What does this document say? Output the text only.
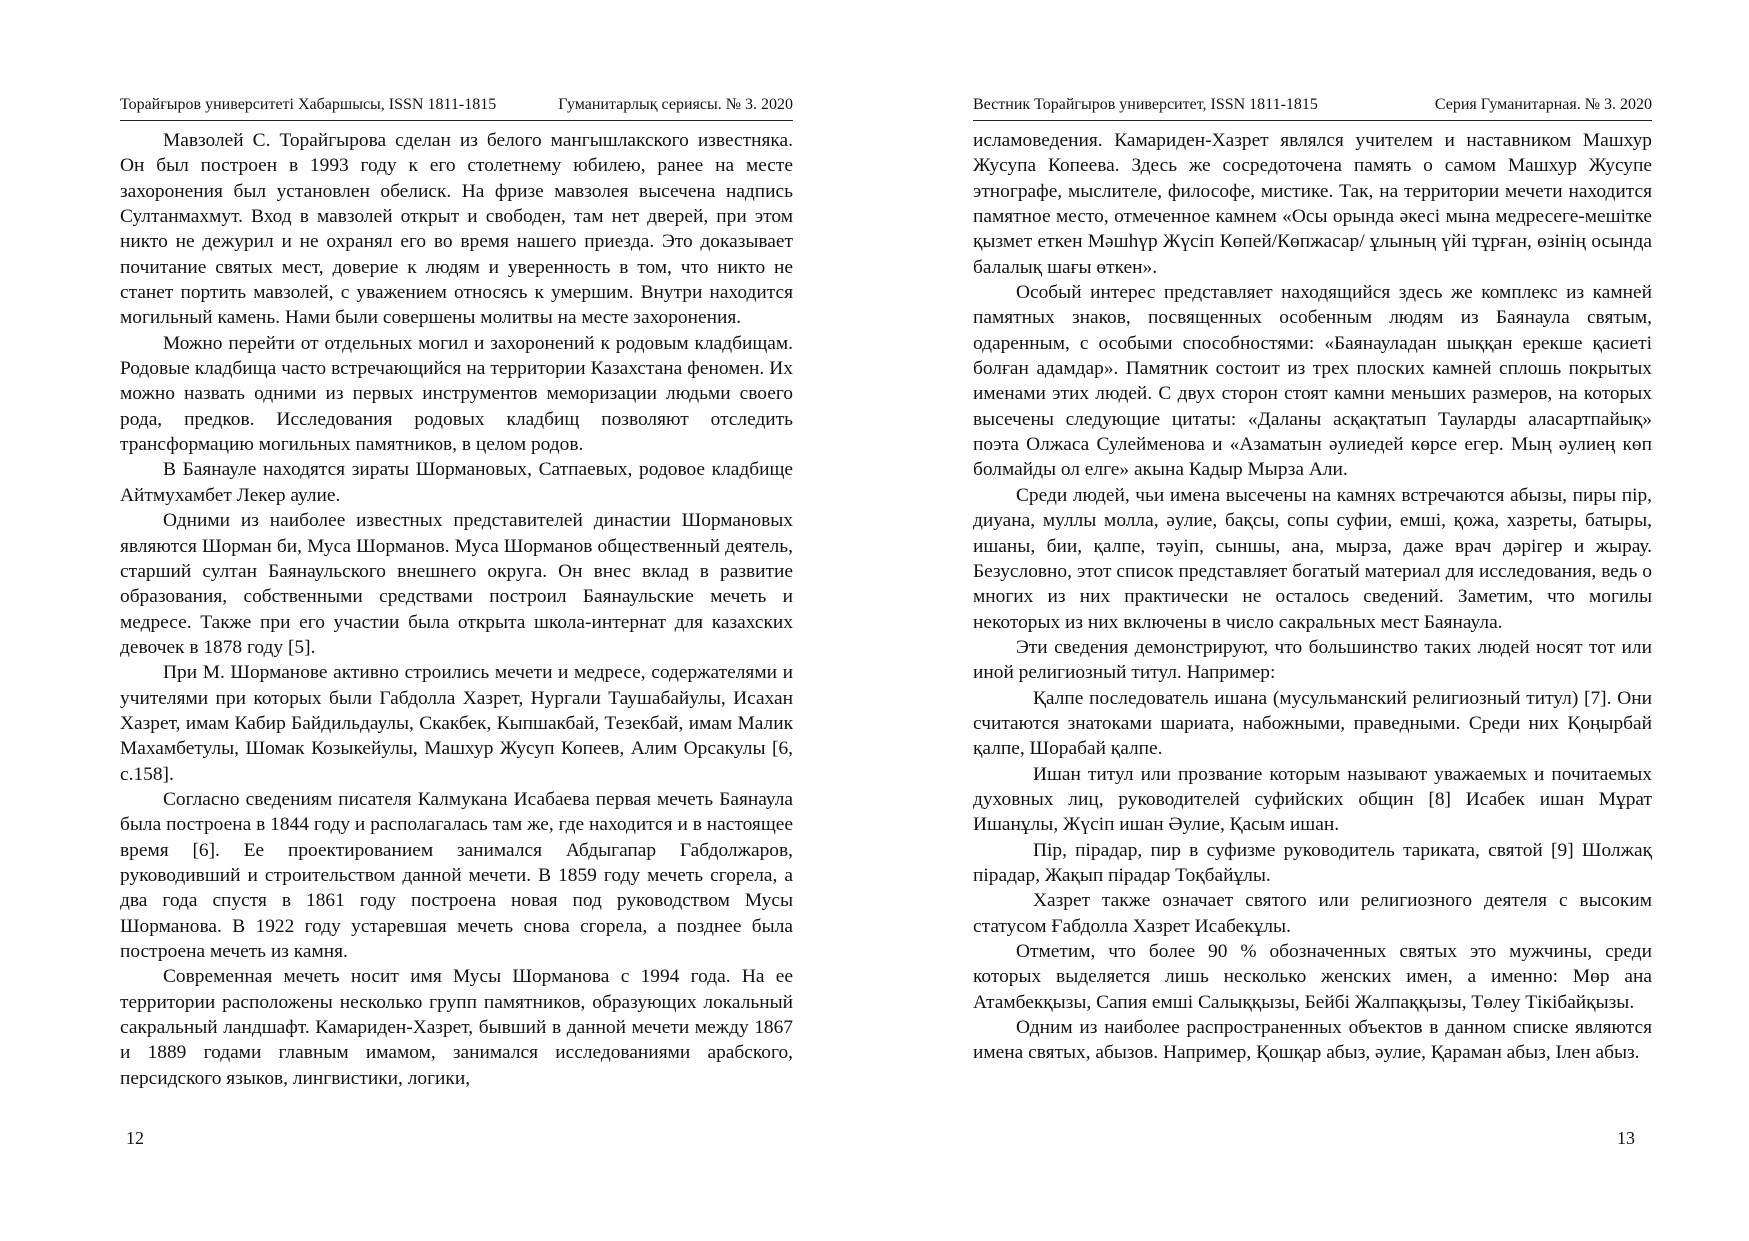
Торайғыров университеті Хабаршысы, ISSN 1811-1815	Гуманитарлық сериясы. № 3. 2020

Мавзолей С. Торайгырова сделан из белого мангышлакского известняка. Он был построен в 1993 году к его столетнему юбилею, ранее на месте захоронения был установлен обелиск. На фризе мавзолея высечена надпись Султанмахмут. Вход в мавзолей открыт и свободен, там нет дверей, при этом никто не дежурил и не охранял его во время нашего приезда. Это доказывает почитание святых мест, доверие к людям и уверенность в том, что никто не станет портить мавзолей, с уважением относясь к умершим. Внутри находится могильный камень. Нами были совершены молитвы на месте захоронения.

Можно перейти от отдельных могил и захоронений к родовым кладбищам. Родовые кладбища часто встречающийся на территории Казахстана феномен. Их можно назвать одними из первых инструментов меморизации людьми своего рода, предков. Исследования родовых кладбищ позволяют отследить трансформацию могильных памятников, в целом родов.

В Баянауле находятся зираты Шормановых, Сатпаевых, родовое кладбище Айтмухамбет Лекер аулие.

Одними из наиболее известных представителей династии Шормановых являются Шорман би, Муса Шорманов. Муса Шорманов общественный деятель, старший султан Баянаульского внешнего округа. Он внес вклад в развитие образования, собственными средствами построил Баянаульские мечеть и медресе. Также при его участии была открыта школа-интернат для казахских девочек в 1878 году [5].

При М. Шорманове активно строились мечети и медресе, содержателями и учителями при которых были Габдолла Хазрет, Нургали Таушабайулы, Исахан Хазрет, имам Кабир Байдильдаулы, Скакбек, Кыпшакбай, Тезекбай, имам Малик Махамбетулы, Шомак Козыкейулы, Машхур Жусуп Копеев, Алим Орсакулы [6, с.158].

Согласно сведениям писателя Калмукана Исабаева первая мечеть Баянаула была построена в 1844 году и располагалась там же, где находится и в настоящее время [6]. Ее проектированием занимался Абдыгапар Габдолжаров, руководивший и строительством данной мечети. В 1859 году мечеть сгорела, а два года спустя в 1861 году построена новая под руководством Мусы Шорманова. В 1922 году устаревшая мечеть снова сгорела, а позднее была построена мечеть из камня.

Современная мечеть носит имя Мусы Шорманова с 1994 года. На ее территории расположены несколько групп памятников, образующих локальный сакральный ландшафт. Камариден-Хазрет, бывший в данной мечети между 1867 и 1889 годами главным имамом, занимался исследованиями арабского, персидского языков, лингвистики, логики,

12
Вестник Торайгыров университет, ISSN 1811-1815	Серия Гуманитарная. № 3. 2020

исламоведения. Камариден-Хазрет являлся учителем и наставником Машхур Жусупа Копеева. Здесь же сосредоточена память о самом Машхур Жусупе этнографе, мыслителе, философе, мистике. Так, на территории мечети находится памятное место, отмеченное камнем «Осы орында әкесі мына медресеге-мешітке қызмет еткен Мәшһүр Жүсіп Көпей/Көпжасар/ ұлының үйі тұрған, өзінің осында балалық шағы өткен».

Особый интерес представляет находящийся здесь же комплекс из камней памятных знаков, посвященных особенным людям из Баянаула святым, одаренным, с особыми способностями: «Баянауладан шыққан ерекше қасиеті болған адамдар». Памятник состоит из трех плоских камней сплошь покрытых именами этих людей. С двух сторон стоят камни меньших размеров, на которых высечены следующие цитаты: «Даланы асқақтатып Тауларды аласартпайық» поэта Олжаса Сулейменова и «Азаматын әулиедей көрсе егер. Мың әулиең көп болмайды ол елге» акына Кадыр Мырза Али.

Среди людей, чьи имена высечены на камнях встречаются абызы, пиры пір, диуана, муллы молла, әулие, бақсы, сопы суфии, емші, қожа, хазреты, батыры, ишаны, бии, қалпе, тәуіп, сыншы, ана, мырза, даже врач дәрігер и жырау. Безусловно, этот список представляет богатый материал для исследования, ведь о многих из них практически не осталось сведений. Заметим, что могилы некоторых из них включены в число сакральных мест Баянаула.

Эти сведения демонстрируют, что большинство таких людей носят тот или иной религиозный титул. Например:

Қалпе последователь ишана (мусульманский религиозный титул) [7]. Они считаются знатоками шариата, набожными, праведными. Среди них Қоңырбай қалпе, Шорабай қалпе.

Ишан титул или прозвание которым называют уважаемых и почитаемых духовных лиц, руководителей суфийских общин [8] Исабек ишан Мұрат Ишанұлы, Жүсіп ишан Әулие, Қасым ишан.

Пір, пірадар, пир в суфизме руководитель тариката, святой [9] Шолжақ пірадар, Жақып пірадар Тоқбайұлы.

Хазрет также означает святого или религиозного деятеля с высоким статусом Ғабдолла Хазрет Исабекұлы.

Отметим, что более 90 % обозначенных святых это мужчины, среди которых выделяется лишь несколько женских имен, а именно: Мөр ана Атамбекқызы, Сапия емші Салыққызы, Бейбі Жалпаққызы, Төлеу Тікібайқызы.

Одним из наиболее распространенных объектов в данном списке являются имена святых, абызов. Например, Қошқар абыз, әулие, Қараман абыз, Ілен абыз.

13
